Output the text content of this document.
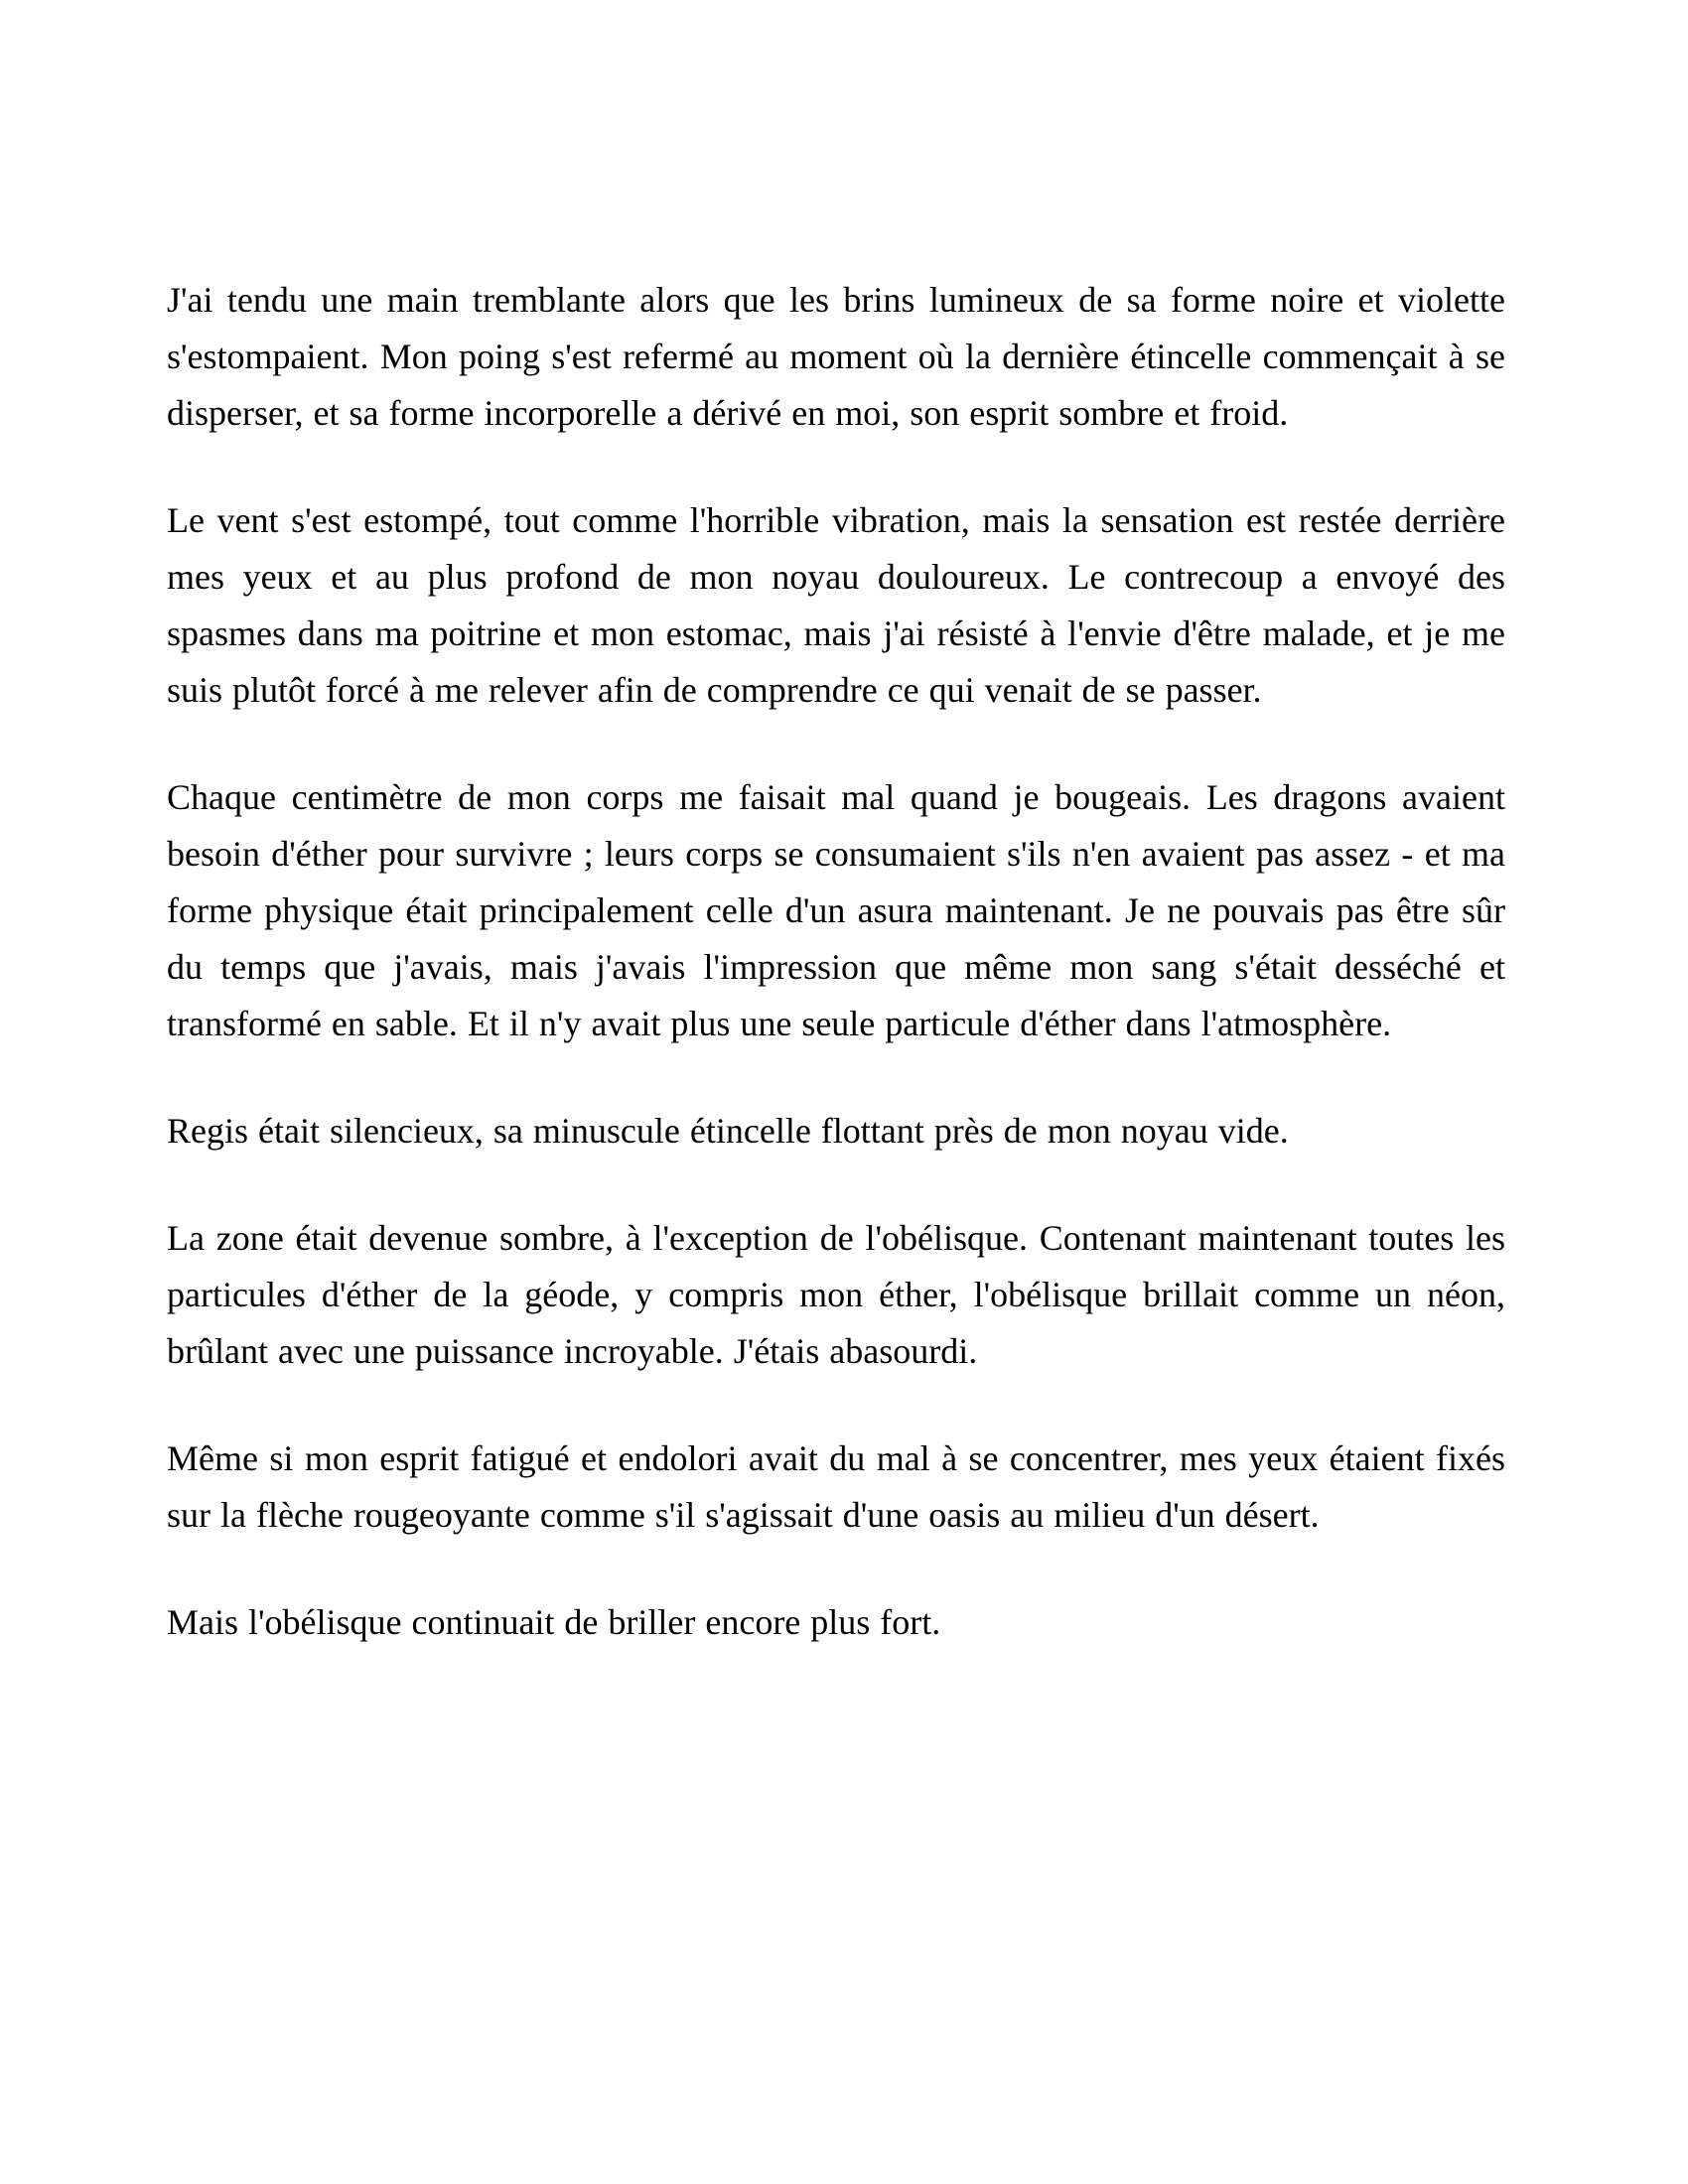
J'ai tendu une main tremblante alors que les brins lumineux de sa forme noire et violette s'estompaient. Mon poing s'est refermé au moment où la dernière étincelle commençait à se disperser, et sa forme incorporelle a dérivé en moi, son esprit sombre et froid.

Le vent s'est estompé, tout comme l'horrible vibration, mais la sensation est restée derrière mes yeux et au plus profond de mon noyau douloureux. Le contrecoup a envoyé des spasmes dans ma poitrine et mon estomac, mais j'ai résisté à l'envie d'être malade, et je me suis plutôt forcé à me relever afin de comprendre ce qui venait de se passer.

Chaque centimètre de mon corps me faisait mal quand je bougeais. Les dragons avaient besoin d'éther pour survivre ; leurs corps se consumaient s'ils n'en avaient pas assez - et ma forme physique était principalement celle d'un asura maintenant. Je ne pouvais pas être sûr du temps que j'avais, mais j'avais l'impression que même mon sang s'était desséché et transformé en sable. Et il n'y avait plus une seule particule d'éther dans l'atmosphère.

Regis était silencieux, sa minuscule étincelle flottant près de mon noyau vide.

La zone était devenue sombre, à l'exception de l'obélisque. Contenant maintenant toutes les particules d'éther de la géode, y compris mon éther, l'obélisque brillait comme un néon, brûlant avec une puissance incroyable. J'étais abasourdi.

Même si mon esprit fatigué et endolori avait du mal à se concentrer, mes yeux étaient fixés sur la flèche rougeoyante comme s'il s'agissait d'une oasis au milieu d'un désert.

Mais l'obélisque continuait de briller encore plus fort.
